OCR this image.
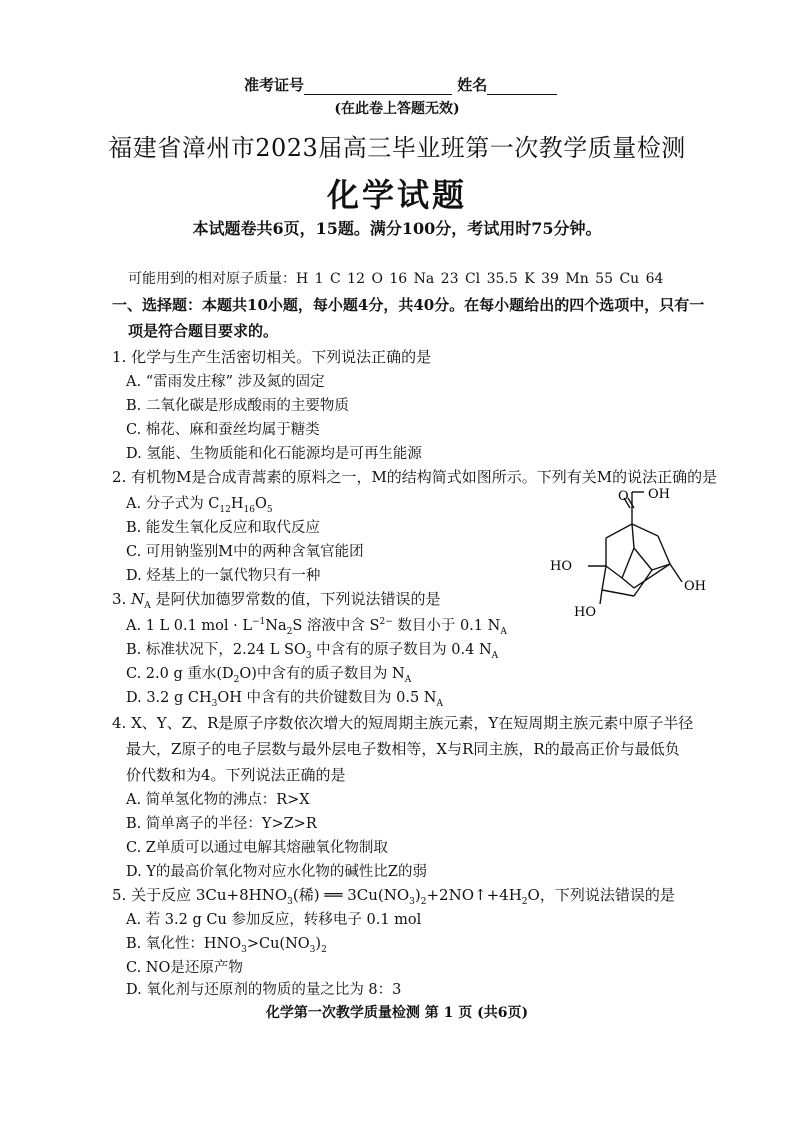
准考证号	姓名
(在此卷上答题无效)
福建省漳州市2023届高三毕业班第一次教学质量检测
化学试题
本试题卷共6页，15题。满分100分，考试用时75分钟。
可能用到的相对原子质量：H 1 C 12 O 16 Na 23 Cl 35.5 K 39 Mn 55 Cu 64
一、选择题：本题共10小题，每小题4分，共40分。在每小题给出的四个选项中，只有一
项是符合题目要求的。
1. 化学与生产生活密切相关。下列说法正确的是
A. “雷雨发庄稼” 涉及氮的固定
B. 二氧化碳是形成酸雨的主要物质
C. 棉花、麻和蚕丝均属于糖类
D. 氢能、生物质能和化石能源均是可再生能源
2. 有机物M是合成青蒿素的原料之一，M的结构简式如图所示。下列有关M的说法正确的是
A. 分子式为 $C_{12}H_{16}O_5$
B. 能发生氧化反应和取代反应
C. 可用钠鉴别M中的两种含氧官能团
D. 烃基上的一氯代物只有一种
OH
O
HO
OH
HO
3. $N_A$ 是阿伏加德罗常数的值，下列说法错误的是
A. 1 L 0.1 mol · $L^{-1}Na_2S$ 溶液中含 $S^{2-}$ 数目小于 0.1 $N_A$
B. 标准状况下，2.24 L $SO_3$ 中含有的原子数目为 0.4 $N_A$
C. 2.0 g 重水$(D_2O)$中含有的质子数目为 $N_A$
D. 3.2 g $CH_3OH$ 中含有的共价键数目为 0.5 $N_A$
4. X、Y、Z、R是原子序数依次增大的短周期主族元素，Y在短周期主族元素中原子半径
最大，Z原子的电子层数与最外层电子数相等，X与R同主族，R的最高正价与最低负
价代数和为4。下列说法正确的是
A. 简单氢化物的沸点：R>X
B. 简单离子的半径：Y>Z>R
C. Z单质可以通过电解其熔融氧化物制取
D. Y的最高价氧化物对应水化物的碱性比Z的弱
5. 关于反应 $3Cu+8HNO_3$(稀) ══ $3Cu(NO_3)_2+2NO↑+4H_2O$，下列说法错误的是
A. 若 3.2 g Cu 参加反应，转移电子 0.1 mol
B. 氧化性：$HNO_3>Cu(NO_3)_2$
C. NO是还原产物
D. 氧化剂与还原剂的物质的量之比为 8：3
化学第一次教学质量检测 第 1 页 (共6页)
